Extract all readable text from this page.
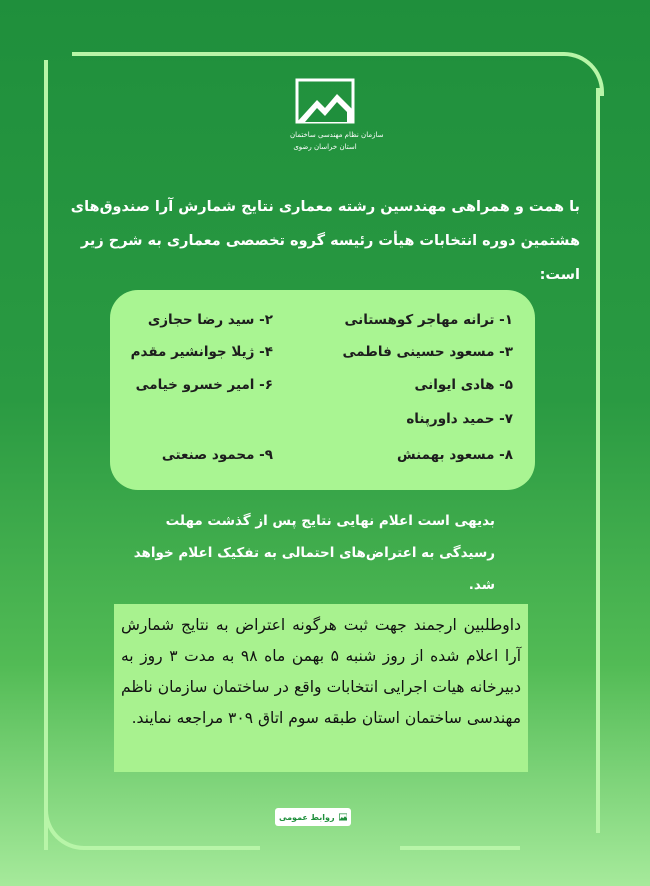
سازمان نظام مهندسی ساختمان
استان خراسان رضوی
با همت و همراهی مهندسین رشته معماری نتایج شمارش آرا صندوق‌های هشتمین دوره انتخابات هیأت رئیسه گروه تخصصی معماری به شرح زیر است:
۱- ترانه مهاجر کوهستانی
۲- سید رضا حجازی
۳- مسعود حسینی فاطمی
۴- ژیلا جوانشیر مقدم
۵- هادی ایوانی
۶- امیر خسرو خیامی
۷- حمید داورپناه
۸- مسعود بهمنش
۹- محمود صنعتی
بدیهی است اعلام نهایی نتایج پس از گذشت مهلت رسیدگی به اعتراض‌های احتمالی به تفکیک اعلام خواهد شد.
داوطلبین ارجمند جهت ثبت هرگونه اعتراض به نتایج شمارش آرا اعلام شده از روز شنبه ۵ بهمن ماه ۹۸ به مدت ۳ روز به دبیرخانه هیات اجرایی انتخابات واقع در ساختمان سازمان ناظم مهندسی ساختمان استان طبقه سوم اتاق ۳۰۹ مراجعه نمایند.
روابط عمومی
